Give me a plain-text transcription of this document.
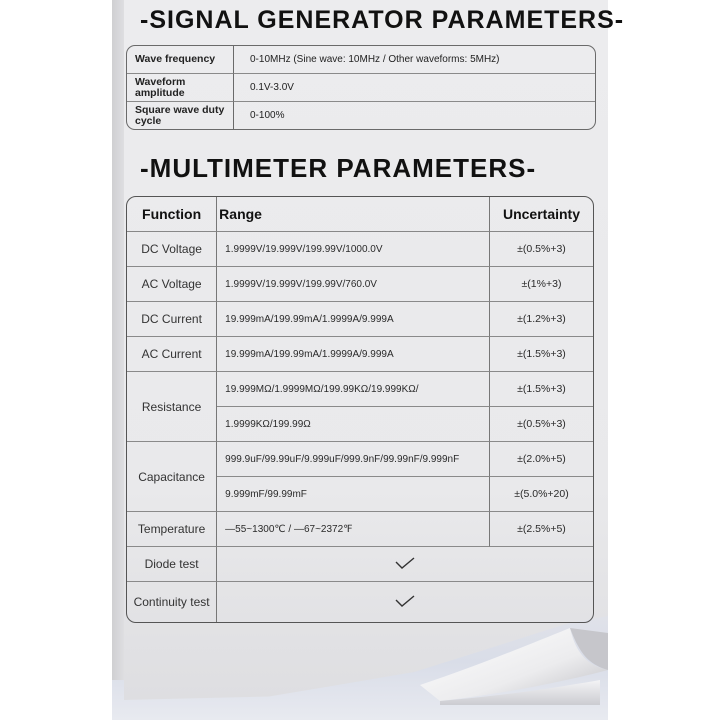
-SIGNAL GENERATOR PARAMETERS-
Wave frequency	0-10MHz (Sine wave: 10MHz / Other waveforms: 5MHz)
Waveform amplitude	0.1V-3.0V
Square wave duty cycle	0-100%
-MULTIMETER PARAMETERS-
Function	Range	Uncertainty
DC Voltage	1.9999V/19.999V/199.99V/1000.0V	±(0.5%+3)
AC Voltage	1.9999V/19.999V/199.99V/760.0V	±(1%+3)
DC Current	19.999mA/199.99mA/1.9999A/9.999A	±(1.2%+3)
AC Current	19.999mA/199.99mA/1.9999A/9.999A	±(1.5%+3)
Resistance	19.999MΩ/1.9999MΩ/199.99KΩ/19.999KΩ/	±(1.5%+3)
	1.9999KΩ/199.99Ω	±(0.5%+3)
Capacitance	999.9uF/99.99uF/9.999uF/999.9nF/99.99nF/9.999nF	±(2.0%+5)
	9.999mF/99.99mF	±(5.0%+20)
Temperature	—55~1300℃ / —67~2372℉	±(2.5%+5)
Diode test	
Continuity test	
